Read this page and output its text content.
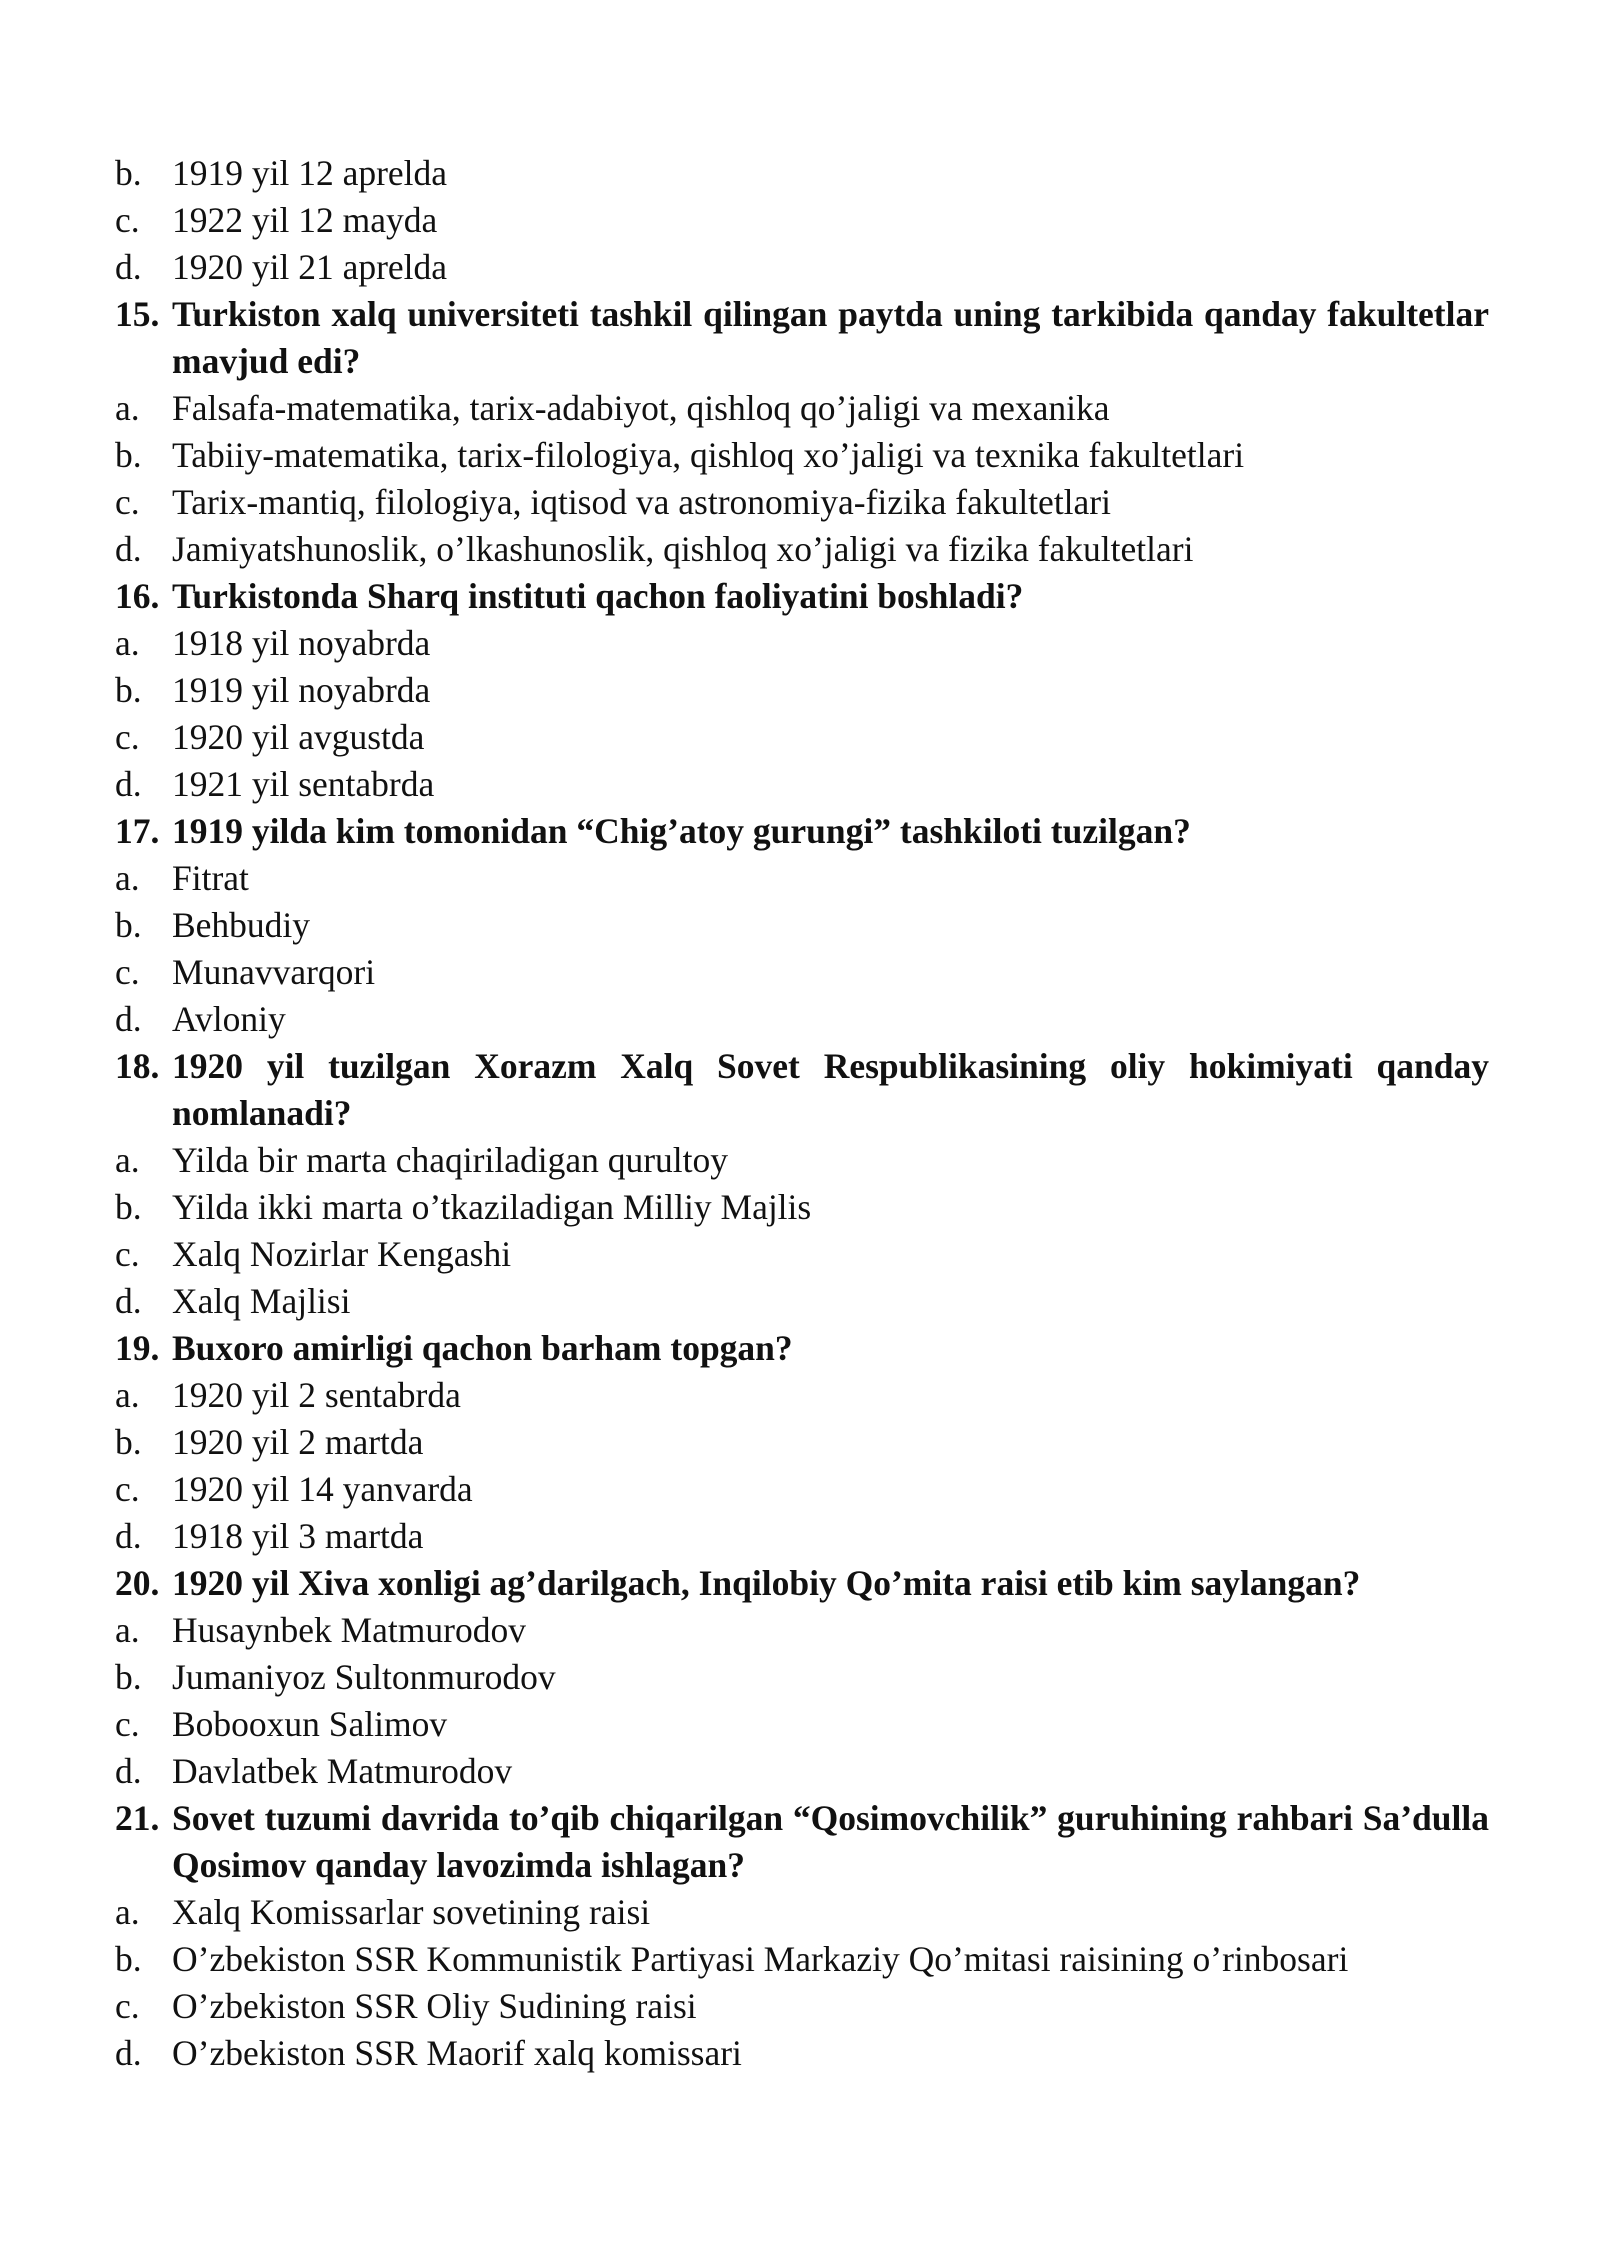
b. 1919 yil 12 aprelda
c. 1922 yil 12 mayda
d. 1920 yil 21 aprelda
15. Turkiston xalq universiteti tashkil qilingan paytda uning tarkibida qanday fakultetlar mavjud edi?
a. Falsafa-matematika, tarix-adabiyot, qishloq qo’jaligi va mexanika
b. Tabiiy-matematika, tarix-filologiya, qishloq xo’jaligi va texnika fakultetlari
c. Tarix-mantiq, filologiya, iqtisod va astronomiya-fizika fakultetlari
d. Jamiyatshunoslik, o’lkashunoslik, qishloq xo’jaligi va fizika fakultetlari
16. Turkistonda Sharq instituti qachon faoliyatini boshladi?
a. 1918 yil noyabrda
b. 1919 yil noyabrda
c. 1920 yil avgustda
d. 1921 yil sentabrda
17. 1919 yilda kim tomonidan “Chig’atoy gurungi” tashkiloti tuzilgan?
a. Fitrat
b. Behbudiy
c. Munavvarqori
d. Avloniy
18. 1920 yil tuzilgan Xorazm Xalq Sovet Respublikasining oliy hokimiyati qanday nomlanadi?
a. Yilda bir marta chaqiriladigan qurultoy
b. Yilda ikki marta o’tkaziladigan Milliy Majlis
c. Xalq Nozirlar Kengashi
d. Xalq Majlisi
19. Buxoro amirligi qachon barham topgan?
a. 1920 yil 2 sentabrda
b. 1920 yil 2 martda
c. 1920 yil 14 yanvarda
d. 1918 yil 3 martda
20. 1920 yil Xiva xonligi ag’darilgach, Inqilobiy Qo’mita raisi etib kim saylangan?
a. Husaynbek Matmurodov
b. Jumaniyoz Sultonmurodov
c. Bobooxun Salimov
d. Davlatbek Matmurodov
21. Sovet tuzumi davrida to’qib chiqarilgan “Qosimovchilik” guruhining rahbari Sa’dulla Qosimov qanday lavozimda ishlagan?
a. Xalq Komissarlar sovetining raisi
b. O’zbekiston SSR Kommunistik Partiyasi Markaziy Qo’mitasi raisining o’rinbosari
c. O’zbekiston SSR Oliy Sudining raisi
d. O’zbekiston SSR Maorif xalq komissari
